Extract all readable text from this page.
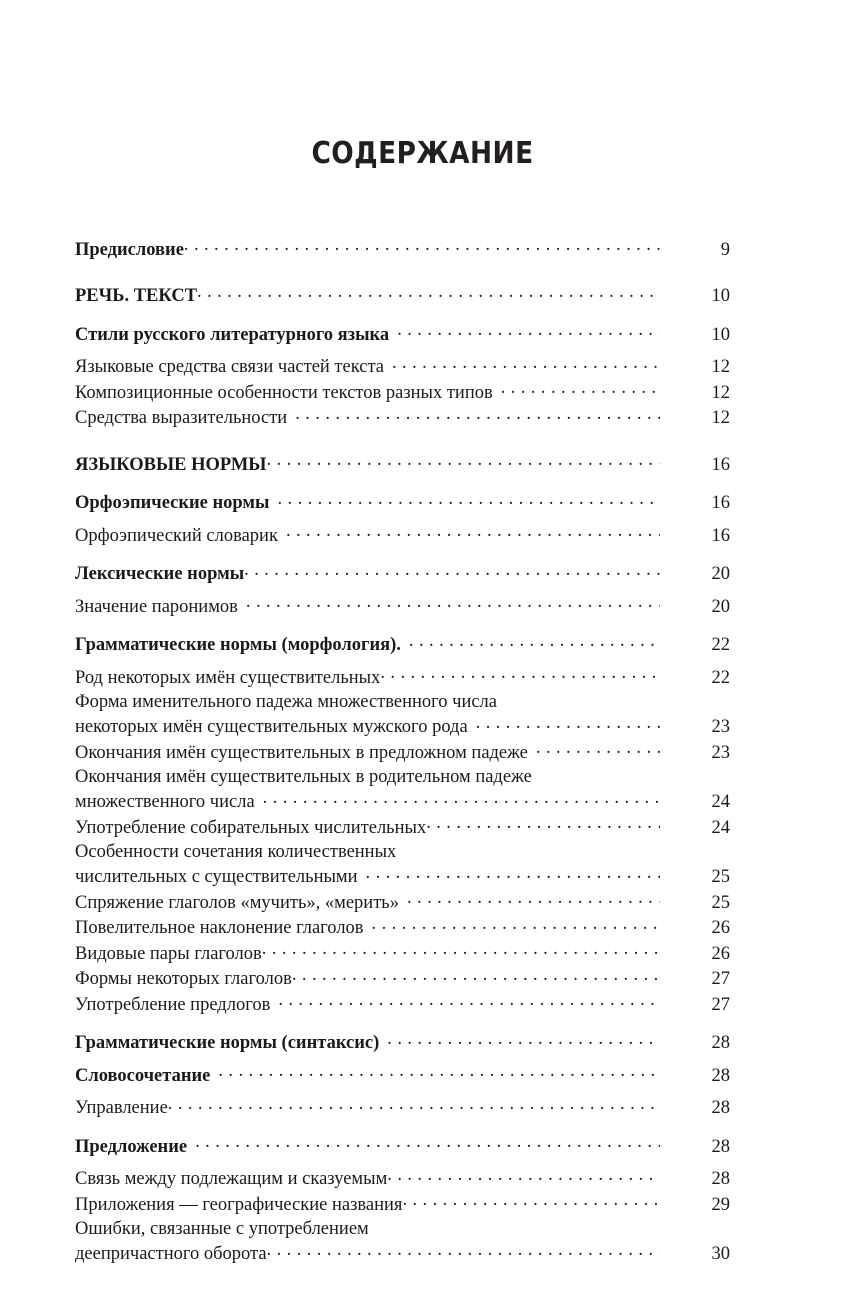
СОДЕРЖАНИЕ
Предисловие . . .	9
РЕЧЬ. ТЕКСТ . . .	10
Стили русского литературного языка . . .	10
Языковые средства связи частей текста . . .	12
Композиционные особенности текстов разных типов . . .	12
Средства выразительности . . .	12
ЯЗЫКОВЫЕ НОРМЫ . . .	16
Орфоэпические нормы . . .	16
Орфоэпический словарик . . .	16
Лексические нормы . . .	20
Значение паронимов . . .	20
Грамматические нормы (морфология). . . .	22
Род некоторых имён существительных . . .	22
Форма именительного падежа множественного числа
некоторых имён существительных мужского рода . . .	23
Окончания имён существительных в предложном падеже . . .	23
Окончания имён существительных в родительном падеже
множественного числа . . .	24
Употребление собирательных числительных . . .	24
Особенности сочетания количественных
числительных с существительными . . .	25
Спряжение глаголов «мучить», «мерить» . . .	25
Повелительное наклонение глаголов . . .	26
Видовые пары глаголов . . .	26
Формы некоторых глаголов . . .	27
Употребление предлогов . . .	27
Грамматические нормы (синтаксис) . . .	28
Словосочетание . . .	28
Управление . . .	28
Предложение . . .	28
Связь между подлежащим и сказуемым . . .	28
Приложения — географические названия . . .	29
Ошибки, связанные с употреблением
деепричастного оборота . . .	30
